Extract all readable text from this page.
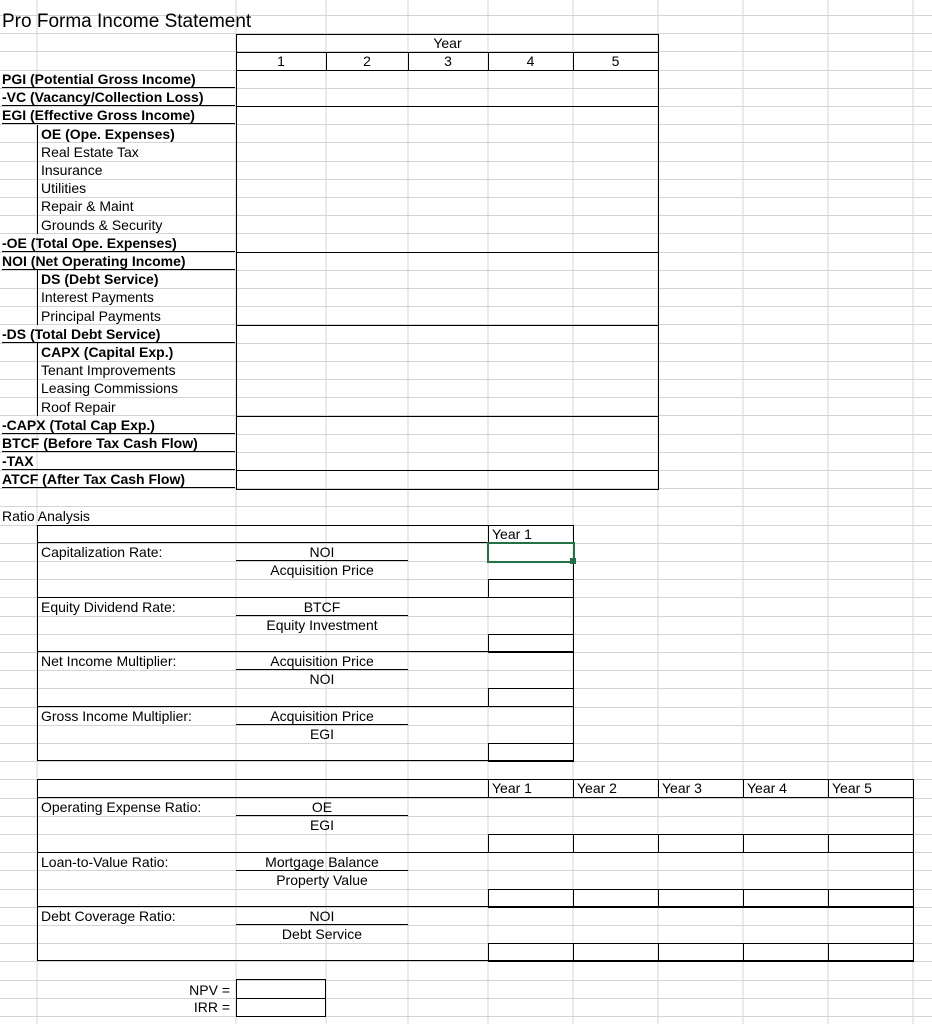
Pro Forma Income Statement
Year
1	2	3	4	5
PGI (Potential Gross Income)
-VC (Vacancy/Collection Loss)
EGI (Effective Gross Income)
OE (Ope. Expenses)
Real Estate Tax
Insurance
Utilities
Repair & Maint
Grounds & Security
-OE (Total Ope. Expenses)
NOI (Net Operating Income)
DS (Debt Service)
Interest Payments
Principal Payments
-DS (Total Debt Service)
CAPX (Capital Exp.)
Tenant Improvements
Leasing Commissions
Roof Repair
-CAPX (Total Cap Exp.)
BTCF (Before Tax Cash Flow)
-TAX
ATCF (After Tax Cash Flow)
Ratio Analysis
Year 1
Capitalization Rate:	NOI
Acquisition Price
Equity Dividend Rate:	BTCF
Equity Investment
Net Income Multiplier:	Acquisition Price
NOI
Gross Income Multiplier:	Acquisition Price
EGI
Year 1	Year 2	Year 3	Year 4	Year 5
Operating Expense Ratio:	OE
EGI
Loan-to-Value Ratio:	Mortgage Balance
Property Value
Debt Coverage Ratio:	NOI
Debt Service
NPV =
IRR =
